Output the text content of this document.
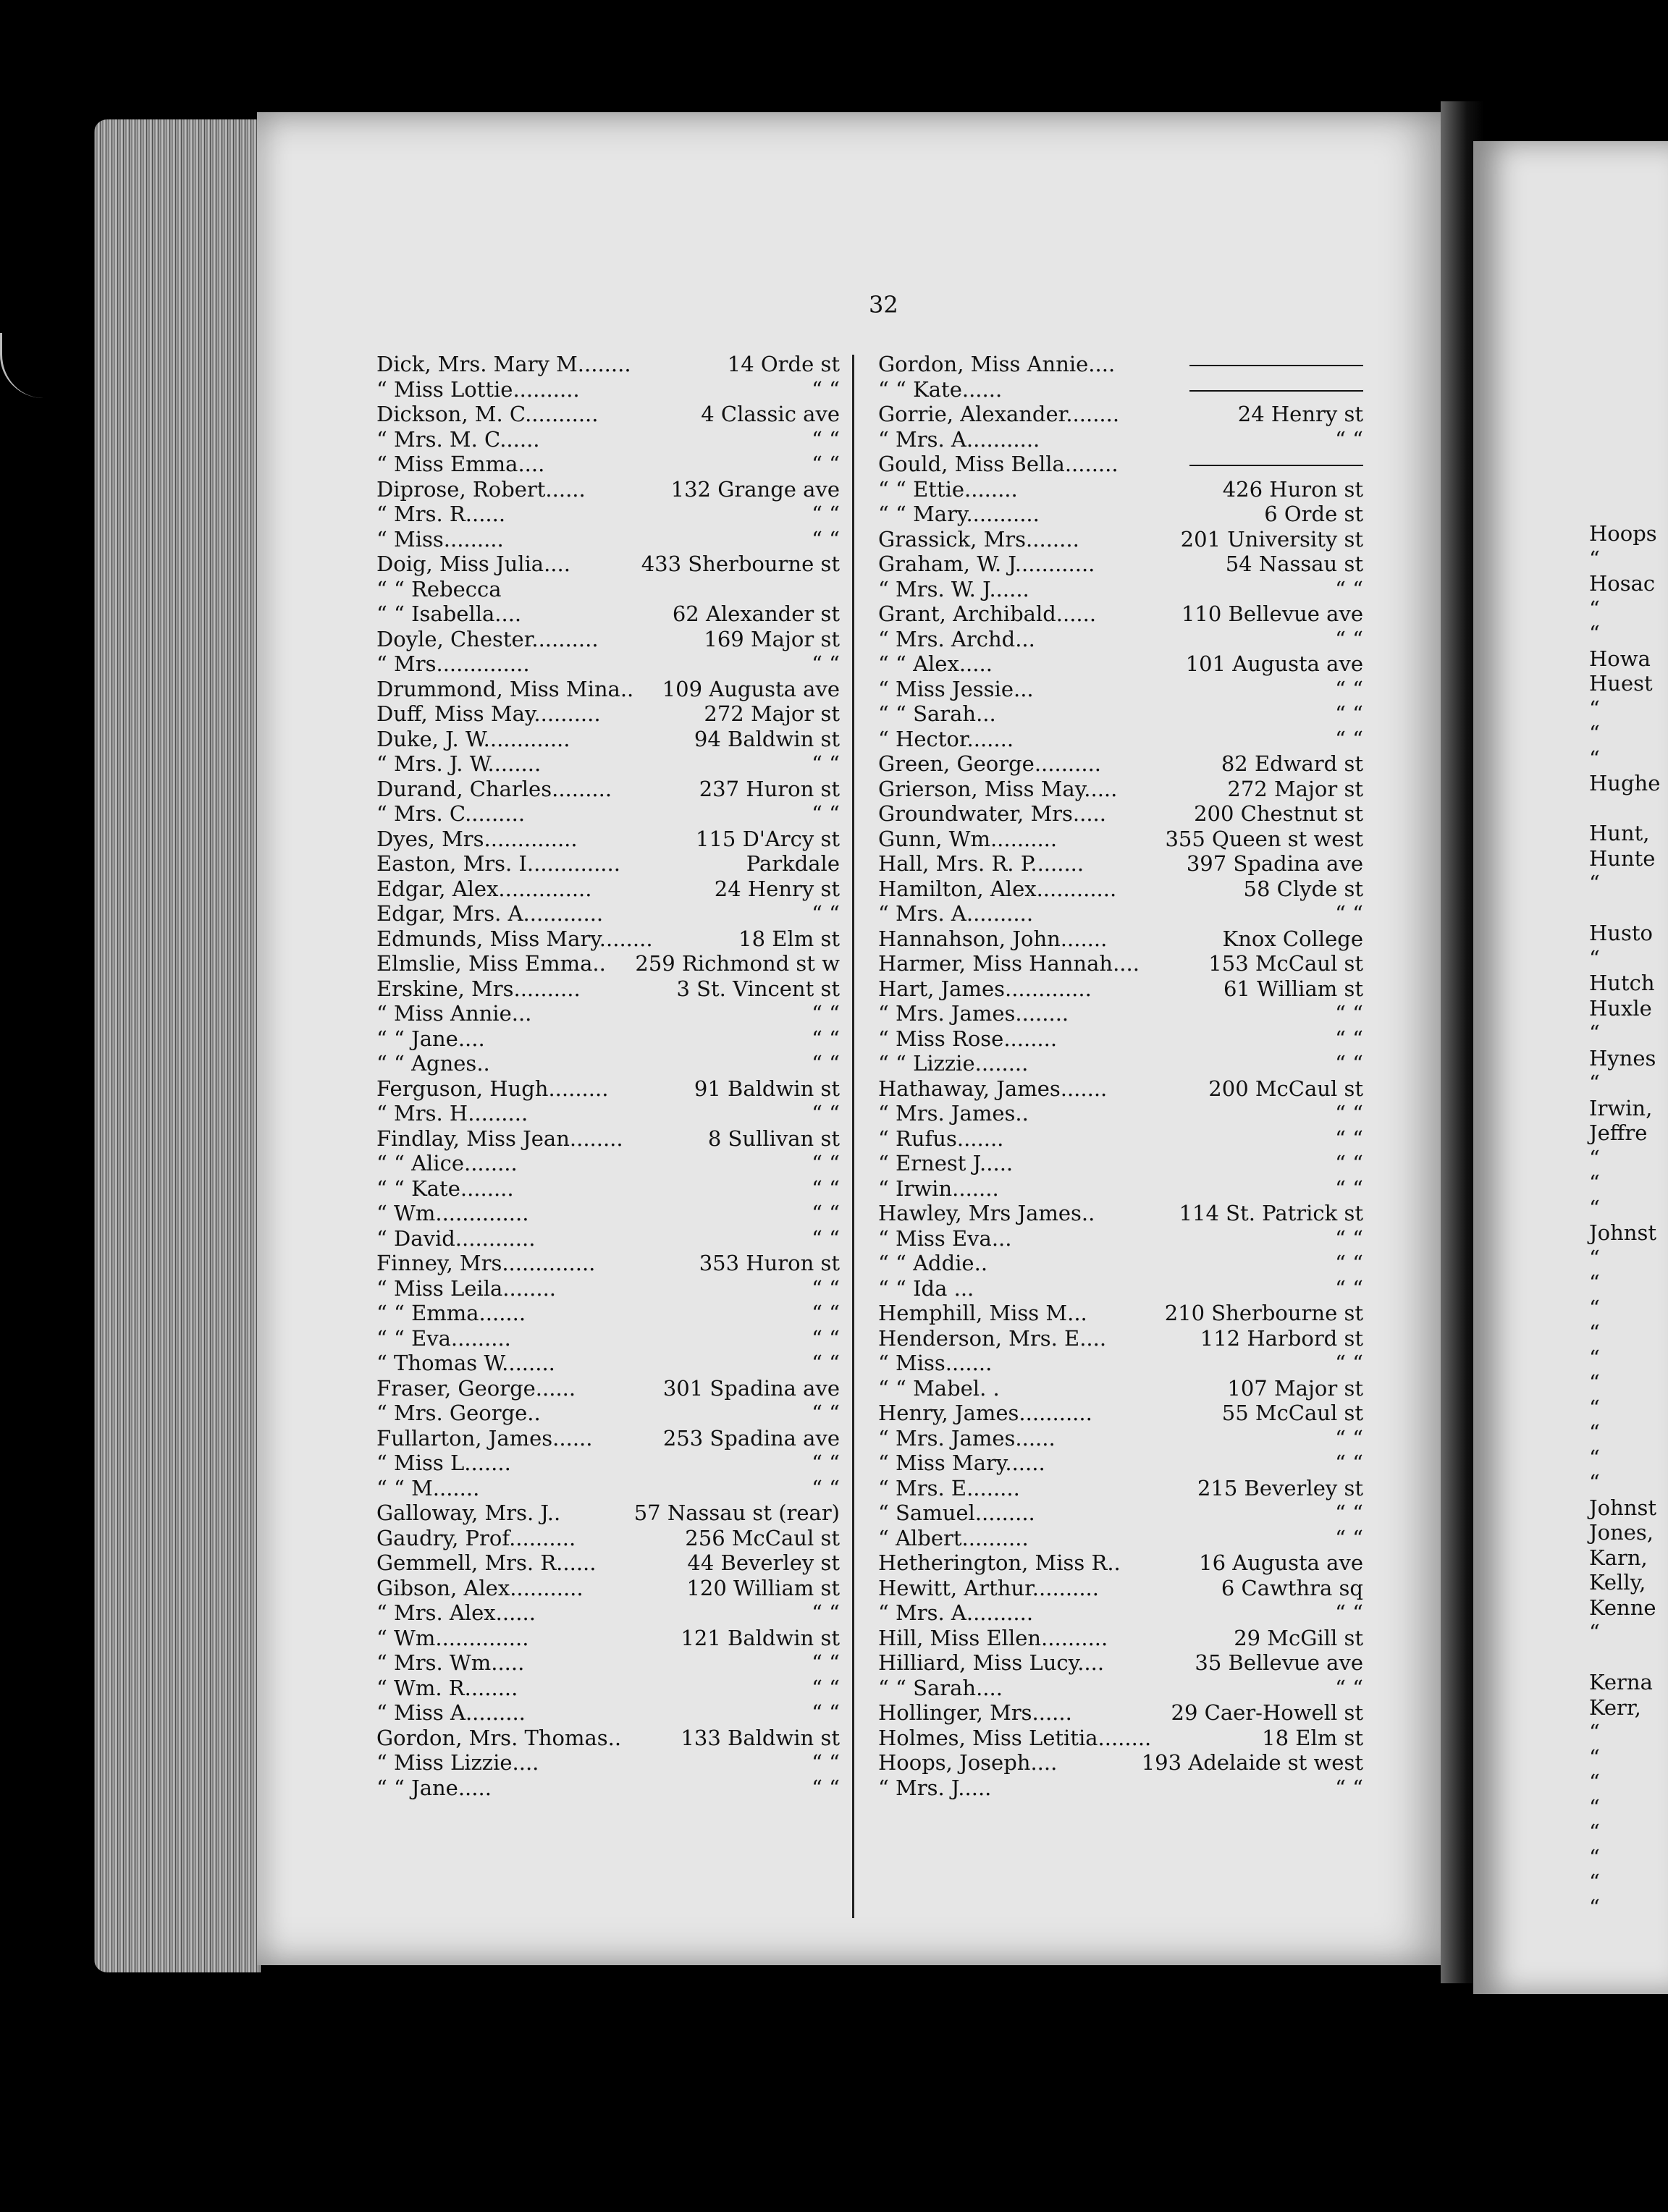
32
Dick, Mrs. Mary M........	14 Orde st
“ Miss Lottie..........	“ “
Dickson, M. C...........	4 Classic ave
“ Mrs. M. C......	“ “
“ Miss Emma....	“ “
Diprose, Robert......	132 Grange ave
“ Mrs. R......	“ “
“ Miss.........	“ “
Doig, Miss Julia....	433 Sherbourne st
“ “ Rebecca
“ “ Isabella....	62 Alexander st
Doyle, Chester..........	169 Major st
“ Mrs..............	“ “
Drummond, Miss Mina.. 109 Augusta ave
Duff, Miss May..........	272 Major st
Duke, J. W.............	94 Baldwin st
“ Mrs. J. W........	“ “
Durand, Charles.........	237 Huron st
“ Mrs. C.........	“ “
Dyes, Mrs..............	115 D'Arcy st
Easton, Mrs. I..............	Parkdale
Edgar, Alex..............	24 Henry st
Edgar, Mrs. A............	“ “
Edmunds, Miss Mary........	18 Elm st
Elmslie, Miss Emma.. 259 Richmond st w
Erskine, Mrs..........	3 St. Vincent st
“ Miss Annie...	“ “
“ “ Jane....	“ “
“ “ Agnes..	“ “
Ferguson, Hugh.........	91 Baldwin st
“ Mrs. H.........	“ “
Findlay, Miss Jean........	8 Sullivan st
“ “ Alice........	“ “
“ “ Kate........	“ “
“ Wm..............	“ “
“ David............	“ “
Finney, Mrs..............	353 Huron st
“ Miss Leila........	“ “
“ “ Emma.......	“ “
“ “ Eva.........	“ “
“ Thomas W........	“ “
Fraser, George......	301 Spadina ave
“ Mrs. George..	“ “
Fullarton, James......	253 Spadina ave
“ Miss L.......	“ “
“ “ M.......	“ “
Galloway, Mrs. J..	57 Nassau st (rear)
Gaudry, Prof..........	256 McCaul st
Gemmell, Mrs. R......	44 Beverley st
Gibson, Alex...........	120 William st
“ Mrs. Alex......	“ “
“ Wm..............	121 Baldwin st
“ Mrs. Wm.....	“ “
“ Wm. R........	“ “
“ Miss A.........	“ “
Gordon, Mrs. Thomas..	133 Baldwin st
“ Miss Lizzie....	“ “
“ “ Jane.....	“ “
Gordon, Miss Annie....
“ “ Kate......
Gorrie, Alexander........	24 Henry st
“ Mrs. A...........	“ “
Gould, Miss Bella........
“ “ Ettie........	426 Huron st
“ “ Mary...........	6 Orde st
Grassick, Mrs........	201 University st
Graham, W. J............	54 Nassau st
“ Mrs. W. J......	“ “
Grant, Archibald......	110 Bellevue ave
“ Mrs. Archd...	“ “
“ “ Alex.....	101 Augusta ave
“ Miss Jessie...	“ “
“ “ Sarah...	“ “
“ Hector.......	“ “
Green, George..........	82 Edward st
Grierson, Miss May.....	272 Major st
Groundwater, Mrs.....	200 Chestnut st
Gunn, Wm..........	355 Queen st west
Hall, Mrs. R. P........	397 Spadina ave
Hamilton, Alex............	58 Clyde st
“ Mrs. A..........	“ “
Hannahson, John.......	Knox College
Harmer, Miss Hannah....	153 McCaul st
Hart, James.............	61 William st
“ Mrs. James........	“ “
“ Miss Rose........	“ “
“ “ Lizzie........	“ “
Hathaway, James.......	200 McCaul st
“ Mrs. James..	“ “
“ Rufus.......	“ “
“ Ernest J.....	“ “
“ Irwin.......	“ “
Hawley, Mrs James..	114 St. Patrick st
“ Miss Eva...	“ “
“ “ Addie..	“ “
“ “ Ida ...	“ “
Hemphill, Miss M...	210 Sherbourne st
Henderson, Mrs. E....	112 Harbord st
“ Miss.......	“ “
“ “ Mabel. .	107 Major st
Henry, James...........	55 McCaul st
“ Mrs. James......	“ “
“ Miss Mary......	“ “
“ Mrs. E........	215 Beverley st
“ Samuel.........	“ “
“ Albert..........	“ “
Hetherington, Miss R..	16 Augusta ave
Hewitt, Arthur..........	6 Cawthra sq
“ Mrs. A..........	“ “
Hill, Miss Ellen..........	29 McGill st
Hilliard, Miss Lucy....	35 Bellevue ave
“ “ Sarah....	“ “
Hollinger, Mrs......	29 Caer-Howell st
Holmes, Miss Letitia........	18 Elm st
Hoops, Joseph....	193 Adelaide st west
“ Mrs. J.....	“ “
Hoops
“
Hosac
“
“
Howa
Huest
“
“
“
Hughe
Hunt,
Hunte
“
Husto
“
Hutch
Huxle
“
Hynes
“
Irwin,
Jeffre
“
“
“
Johnst
“
“
“
“
“
“
“
“
“
“
Johnst
Jones,
Karn,
Kelly,
Kenne
“
Kerna
Kerr,
“
“
“
“
“
“
“
“
